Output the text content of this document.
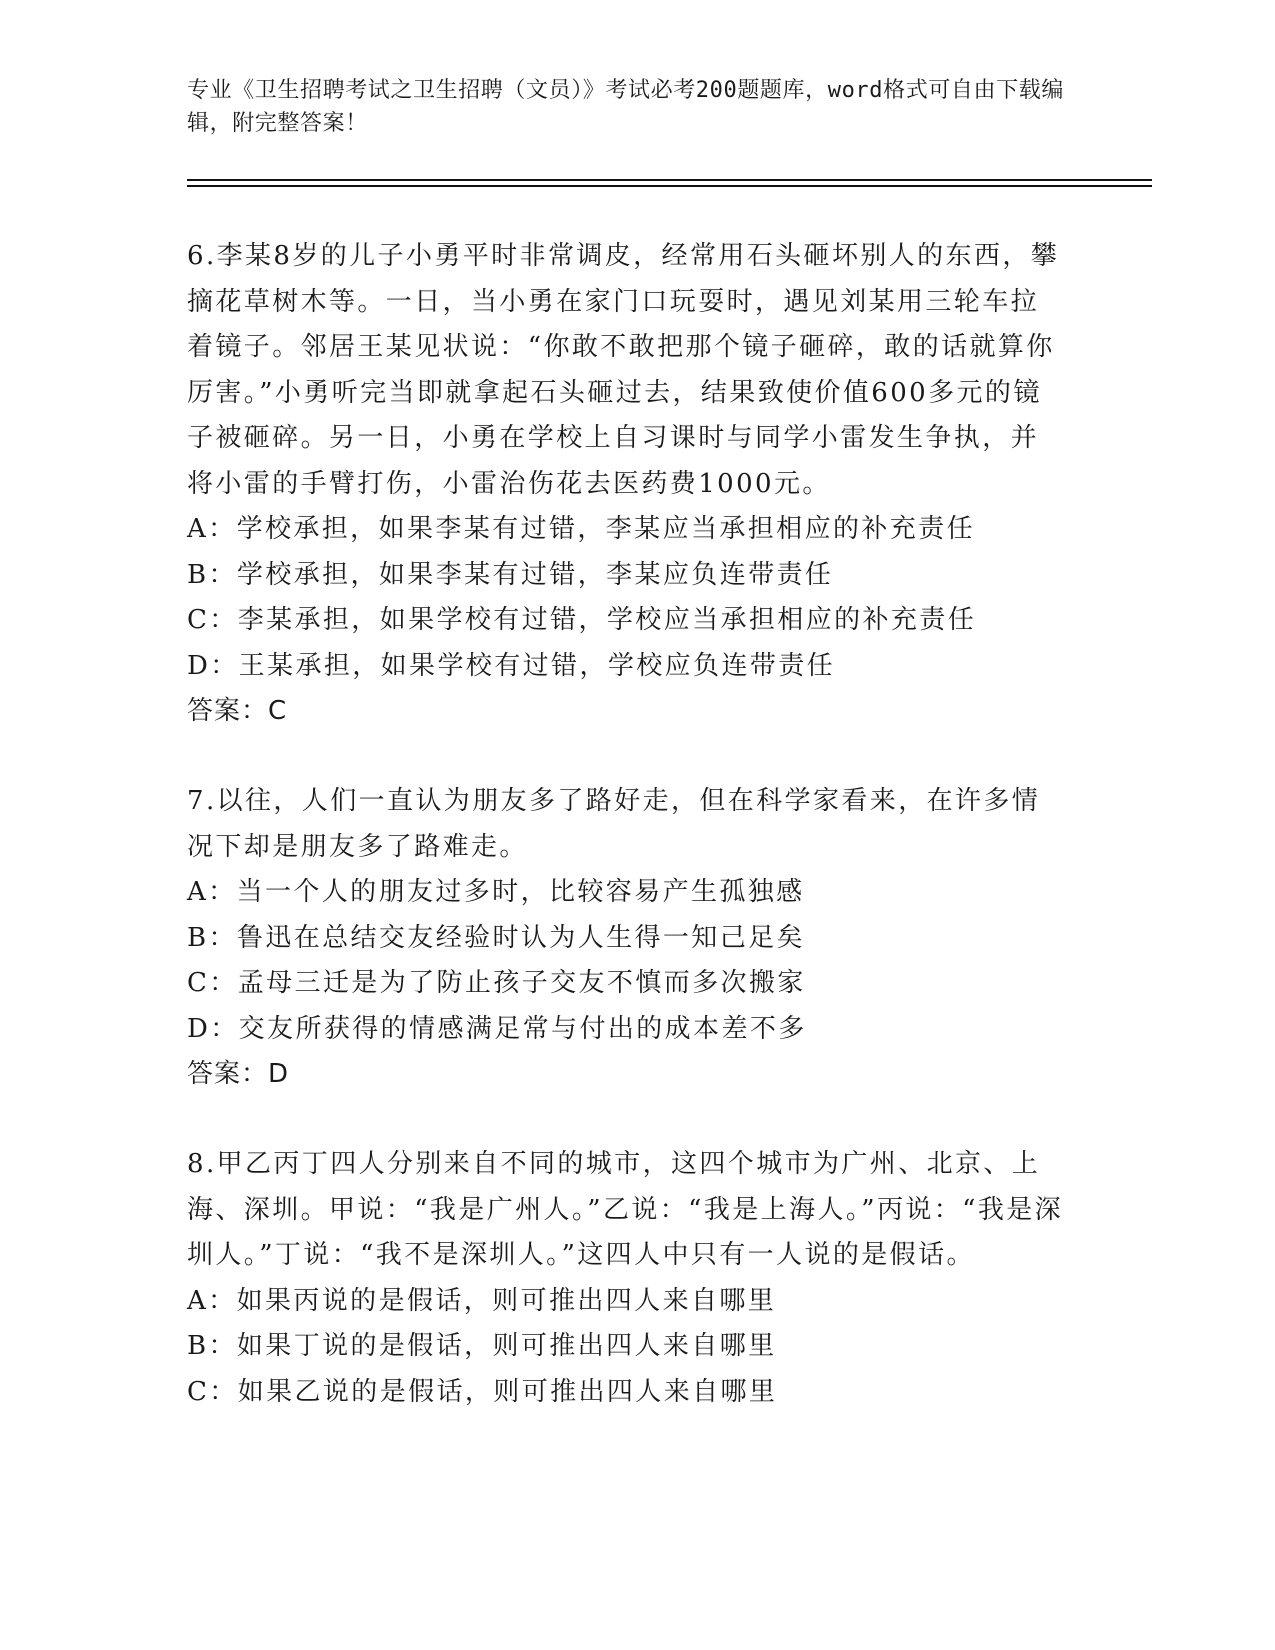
专业《卫生招聘考试之卫生招聘（文员）》考试必考200题题库，word格式可自由下载编辑，附完整答案！

6.李某8岁的儿子小勇平时非常调皮，经常用石头砸坏别人的东西，攀摘花草树木等。一日，当小勇在家门口玩耍时，遇见刘某用三轮车拉着镜子。邻居王某见状说：“你敢不敢把那个镜子砸碎，敢的话就算你厉害。”小勇听完当即就拿起石头砸过去，结果致使价值600多元的镜子被砸碎。另一日，小勇在学校上自习课时与同学小雷发生争执，并将小雷的手臂打伤，小雷治伤花去医药费1000元。

A：学校承担，如果李某有过错，李某应当承担相应的补充责任

B：学校承担，如果李某有过错，李某应负连带责任

C：李某承担，如果学校有过错，学校应当承担相应的补充责任

D：王某承担，如果学校有过错，学校应负连带责任

答案：C

7.以往，人们一直认为朋友多了路好走，但在科学家看来，在许多情况下却是朋友多了路难走。

A：当一个人的朋友过多时，比较容易产生孤独感

B：鲁迅在总结交友经验时认为人生得一知己足矣

C：孟母三迁是为了防止孩子交友不慎而多次搬家

D：交友所获得的情感满足常与付出的成本差不多

答案：D

8.甲乙丙丁四人分别来自不同的城市，这四个城市为广州、北京、上海、深圳。甲说：“我是广州人。”乙说：“我是上海人。”丙说：“我是深圳人。”丁说：“我不是深圳人。”这四人中只有一人说的是假话。

A：如果丙说的是假话，则可推出四人来自哪里

B：如果丁说的是假话，则可推出四人来自哪里

C：如果乙说的是假话，则可推出四人来自哪里
